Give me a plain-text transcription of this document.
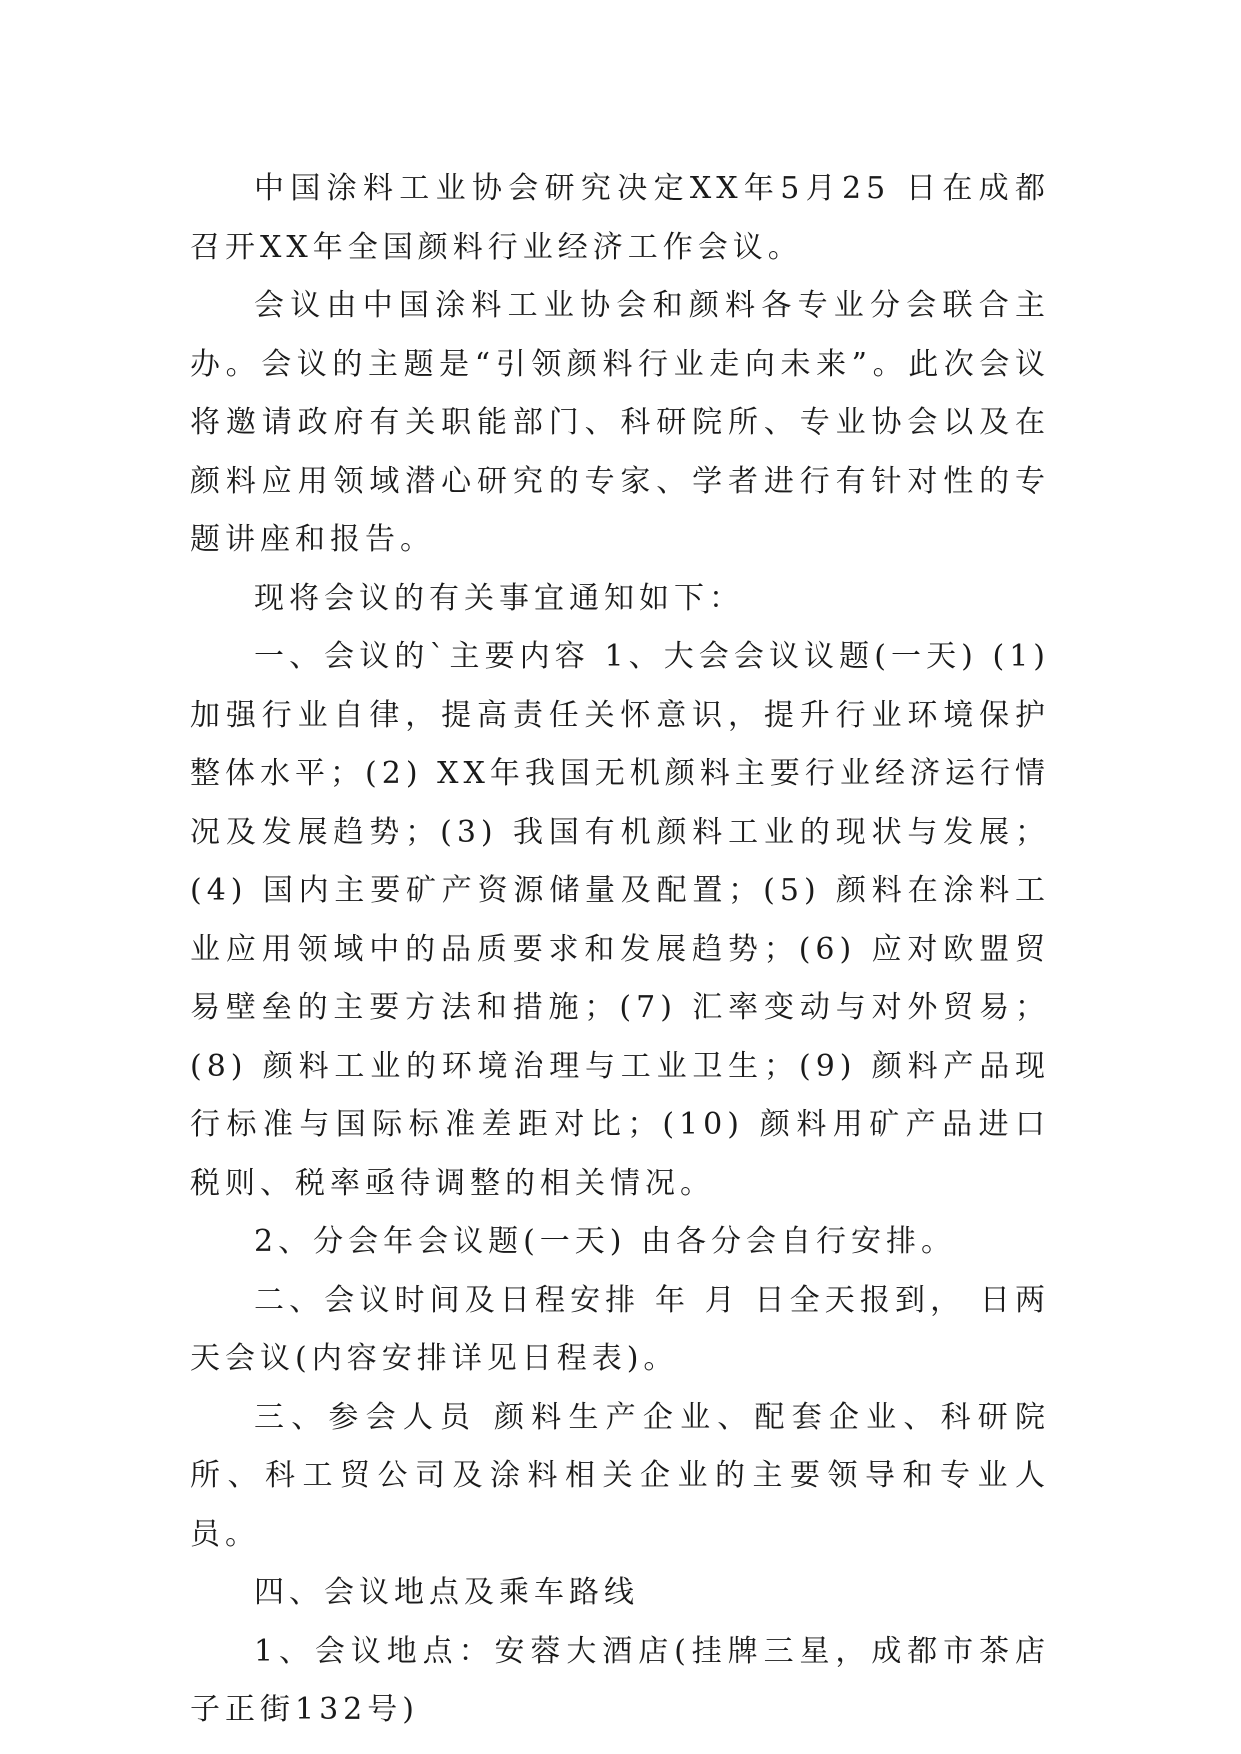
中国涂料工业协会研究决定XX年5月25 日在成都召开XX年全国颜料行业经济工作会议。

会议由中国涂料工业协会和颜料各专业分会联合主办。会议的主题是“引领颜料行业走向未来”。此次会议将邀请政府有关职能部门、科研院所、专业协会以及在颜料应用领域潜心研究的专家、学者进行有针对性的专题讲座和报告。

现将会议的有关事宜通知如下：

一、会议的`主要内容 1、大会会议议题(一天) (1) 加强行业自律，提高责任关怀意识，提升行业环境保护整体水平；(2) XX年我国无机颜料主要行业经济运行情况及发展趋势；(3) 我国有机颜料工业的现状与发展；(4) 国内主要矿产资源储量及配置；(5) 颜料在涂料工业应用领域中的品质要求和发展趋势；(6) 应对欧盟贸易壁垒的主要方法和措施；(7) 汇率变动与对外贸易；(8) 颜料工业的环境治理与工业卫生；(9) 颜料产品现行标准与国际标准差距对比；(10) 颜料用矿产品进口税则、税率亟待调整的相关情况。

2、分会年会议题(一天) 由各分会自行安排。

二、会议时间及日程安排 年 月 日全天报到， 日两天会议(内容安排详见日程表)。

三、参会人员 颜料生产企业、配套企业、科研院所、科工贸公司及涂料相关企业的主要领导和专业人员。

四、会议地点及乘车路线

1、会议地点：安蓉大酒店(挂牌三星，成都市茶店子正街132号)
